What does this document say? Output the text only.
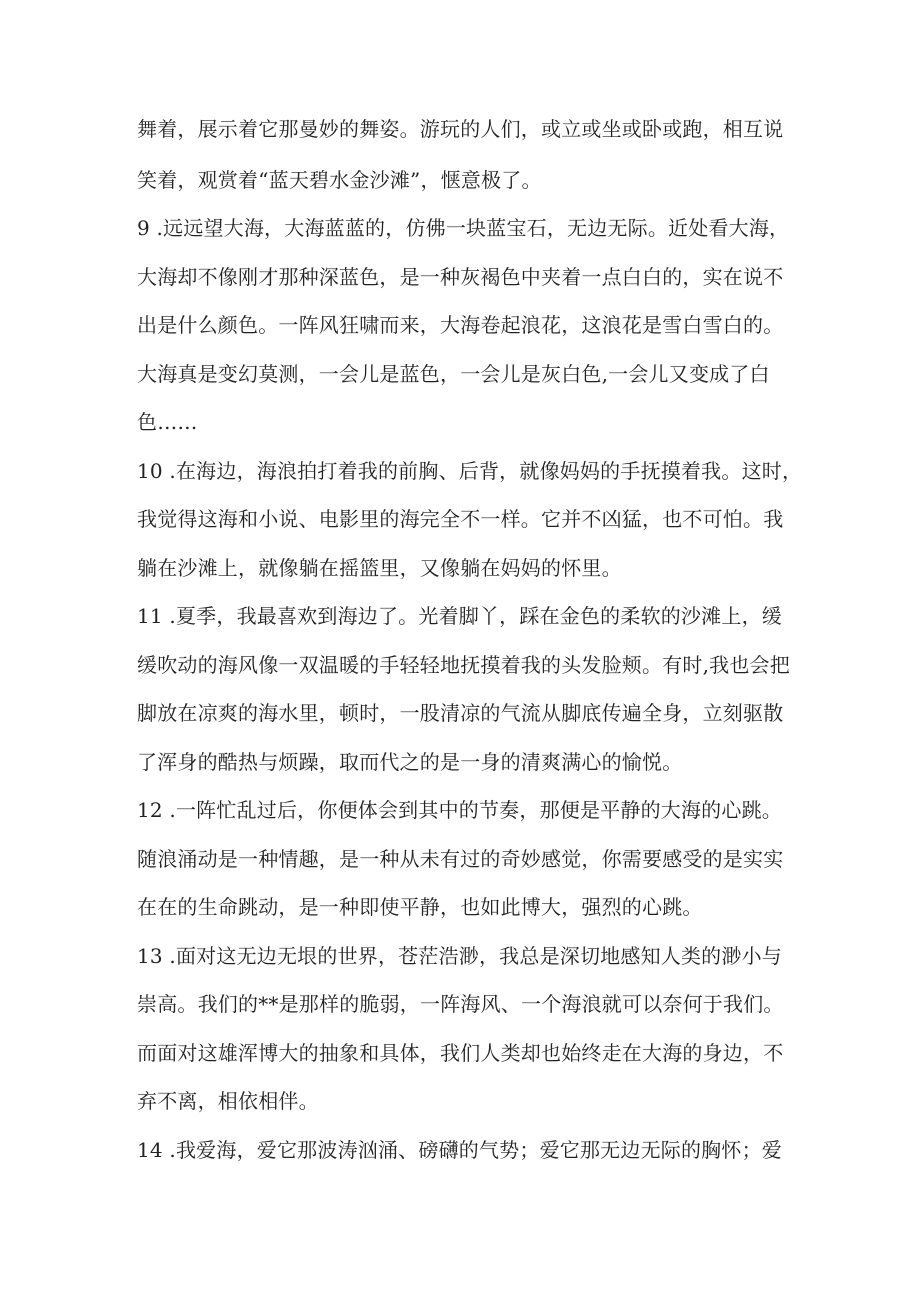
舞着，展示着它那曼妙的舞姿。游玩的人们，或立或坐或卧或跑，相互说
笑着，观赏着“蓝天碧水金沙滩”，惬意极了。
9 .远远望大海，大海蓝蓝的，仿佛一块蓝宝石，无边无际。近处看大海，
大海却不像刚才那种深蓝色，是一种灰褐色中夹着一点白白的，实在说不
出是什么颜色。一阵风狂啸而来，大海卷起浪花，这浪花是雪白雪白的。
大海真是变幻莫测，一会儿是蓝色，一会儿是灰白色,一会儿又变成了白
色……
10 .在海边，海浪拍打着我的前胸、后背，就像妈妈的手抚摸着我。这时，
我觉得这海和小说、电影里的海完全不一样。它并不凶猛，也不可怕。我
躺在沙滩上，就像躺在摇篮里，又像躺在妈妈的怀里。
11 .夏季，我最喜欢到海边了。光着脚丫，踩在金色的柔软的沙滩上，缓
缓吹动的海风像一双温暖的手轻轻地抚摸着我的头发脸颊。有时,我也会把
脚放在凉爽的海水里，顿时，一股清凉的气流从脚底传遍全身，立刻驱散
了浑身的酷热与烦躁，取而代之的是一身的清爽满心的愉悦。
12 .一阵忙乱过后，你便体会到其中的节奏，那便是平静的大海的心跳。
随浪涌动是一种情趣，是一种从未有过的奇妙感觉，你需要感受的是实实
在在的生命跳动，是一种即使平静，也如此博大，强烈的心跳。
13 .面对这无边无垠的世界，苍茫浩渺，我总是深切地感知人类的渺小与
崇高。我们的**是那样的脆弱，一阵海风、一个海浪就可以奈何于我们。
而面对这雄浑博大的抽象和具体，我们人类却也始终走在大海的身边，不
弃不离，相依相伴。
14 .我爱海，爱它那波涛汹涌、磅礴的气势；爱它那无边无际的胸怀；爱
